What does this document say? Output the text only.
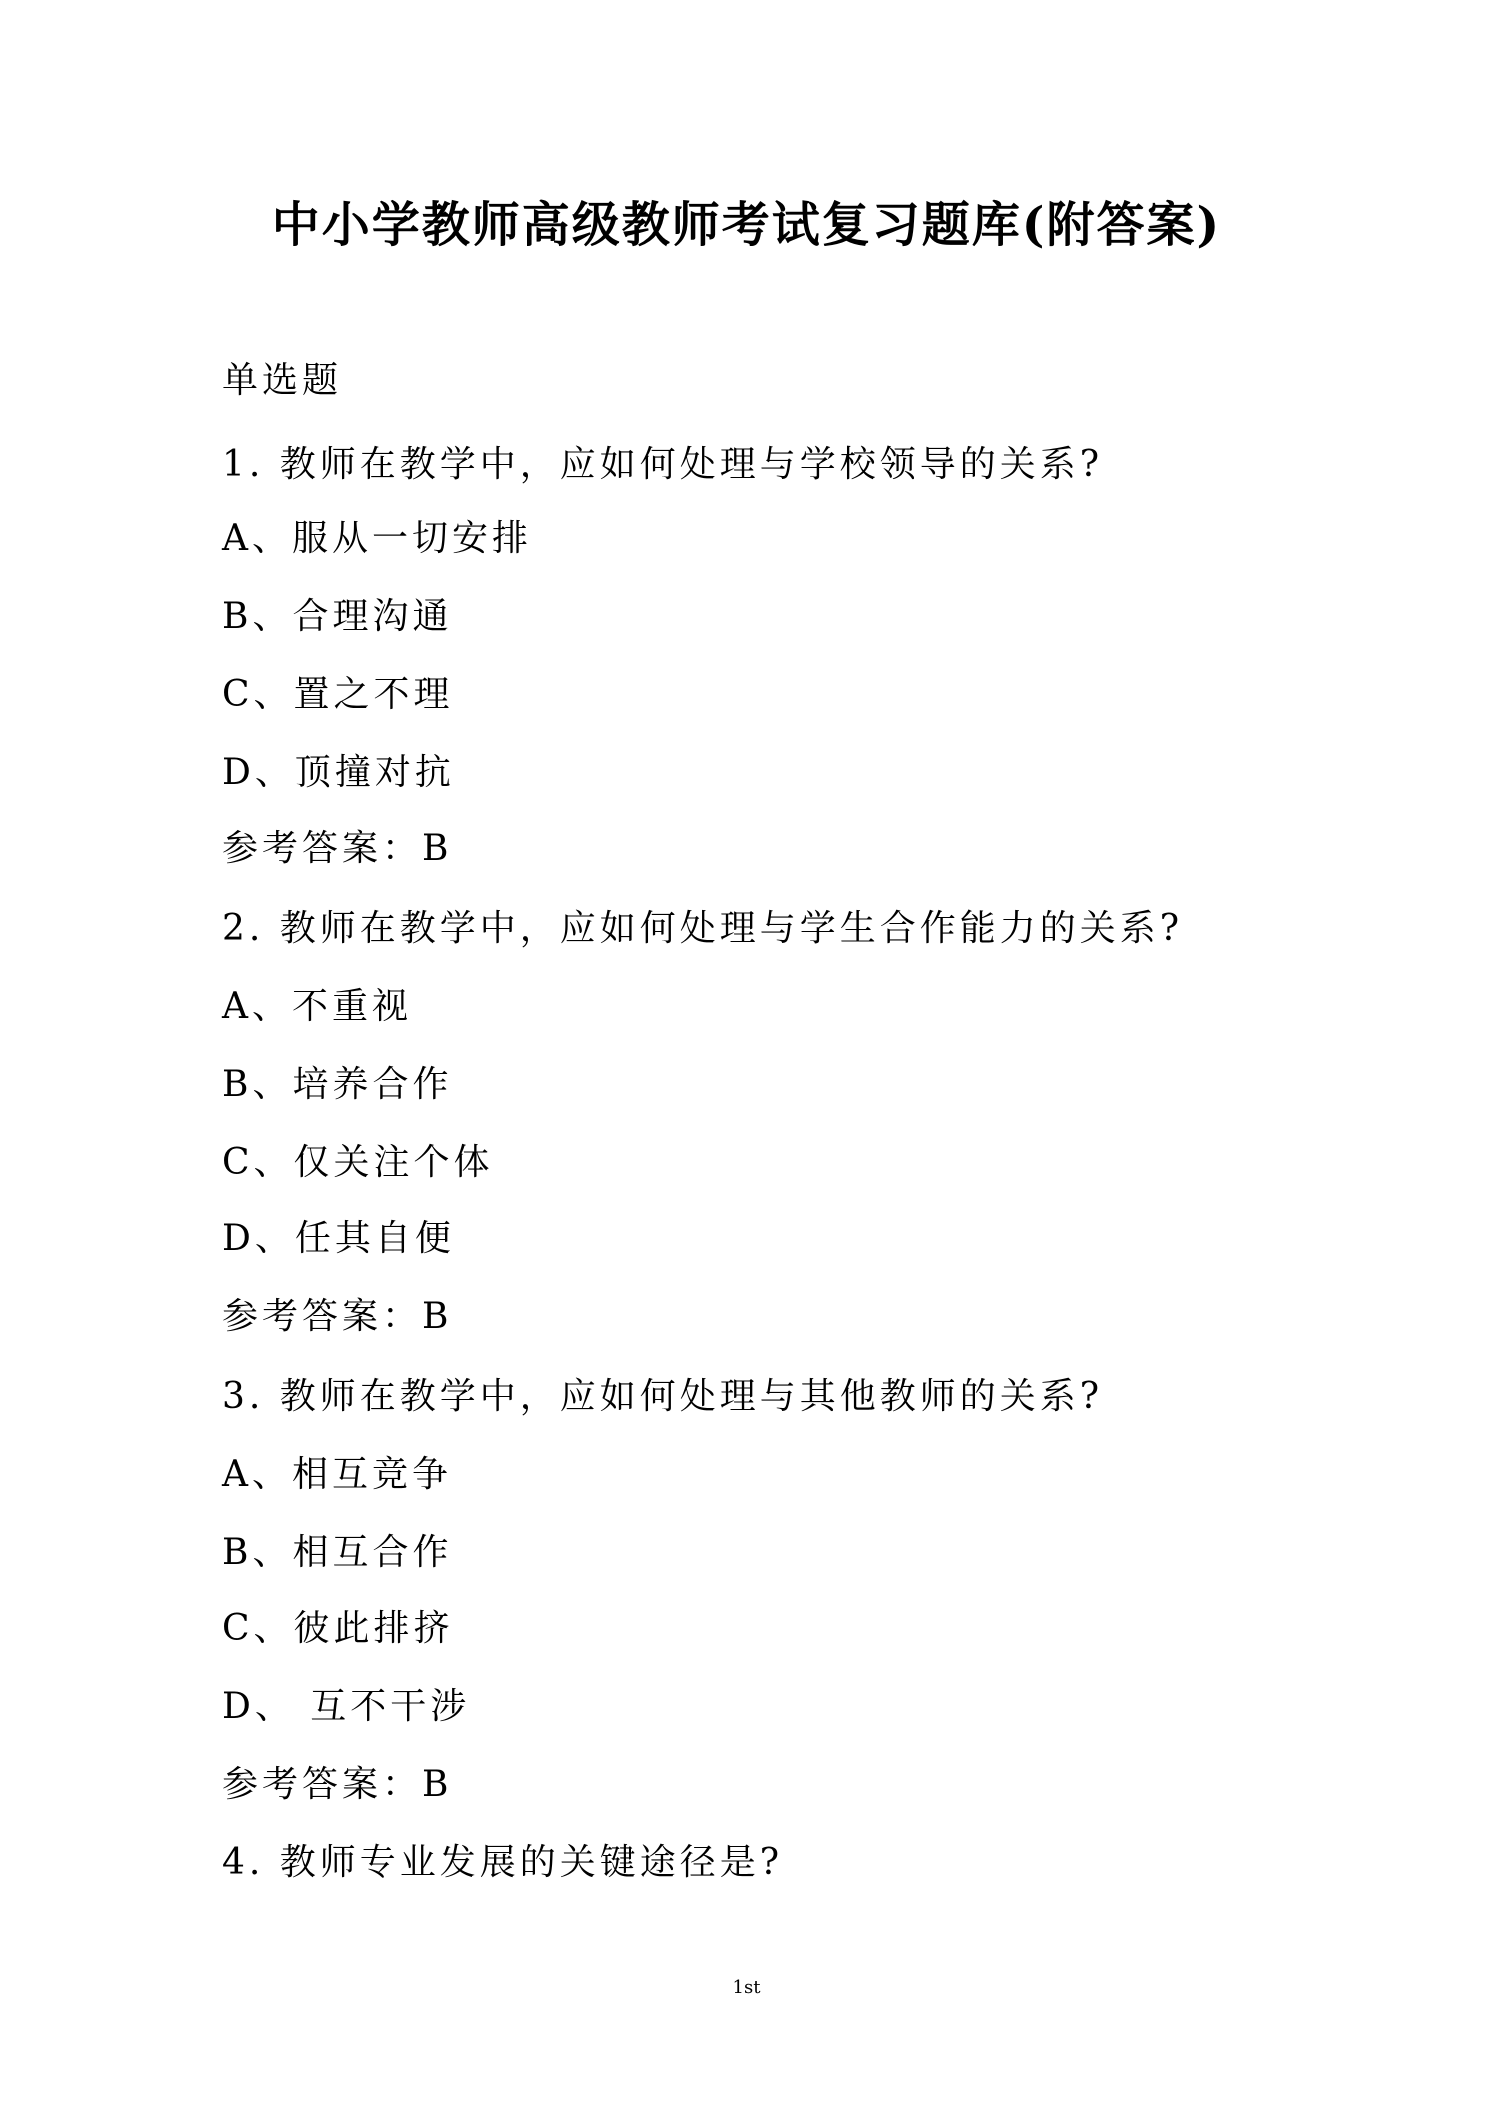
中小学教师高级教师考试复习题库(附答案)
单选题
1. 教师在教学中，应如何处理与学校领导的关系?
A、服从一切安排
B、合理沟通
C、置之不理
D、顶撞对抗
参考答案：B
2. 教师在教学中，应如何处理与学生合作能力的关系?
A、不重视
B、培养合作
C、仅关注个体
D、任其自便
参考答案：B
3. 教师在教学中，应如何处理与其他教师的关系?
A、相互竞争
B、相互合作
C、彼此排挤
D、 互不干涉
参考答案：B
4. 教师专业发展的关键途径是?
1st
